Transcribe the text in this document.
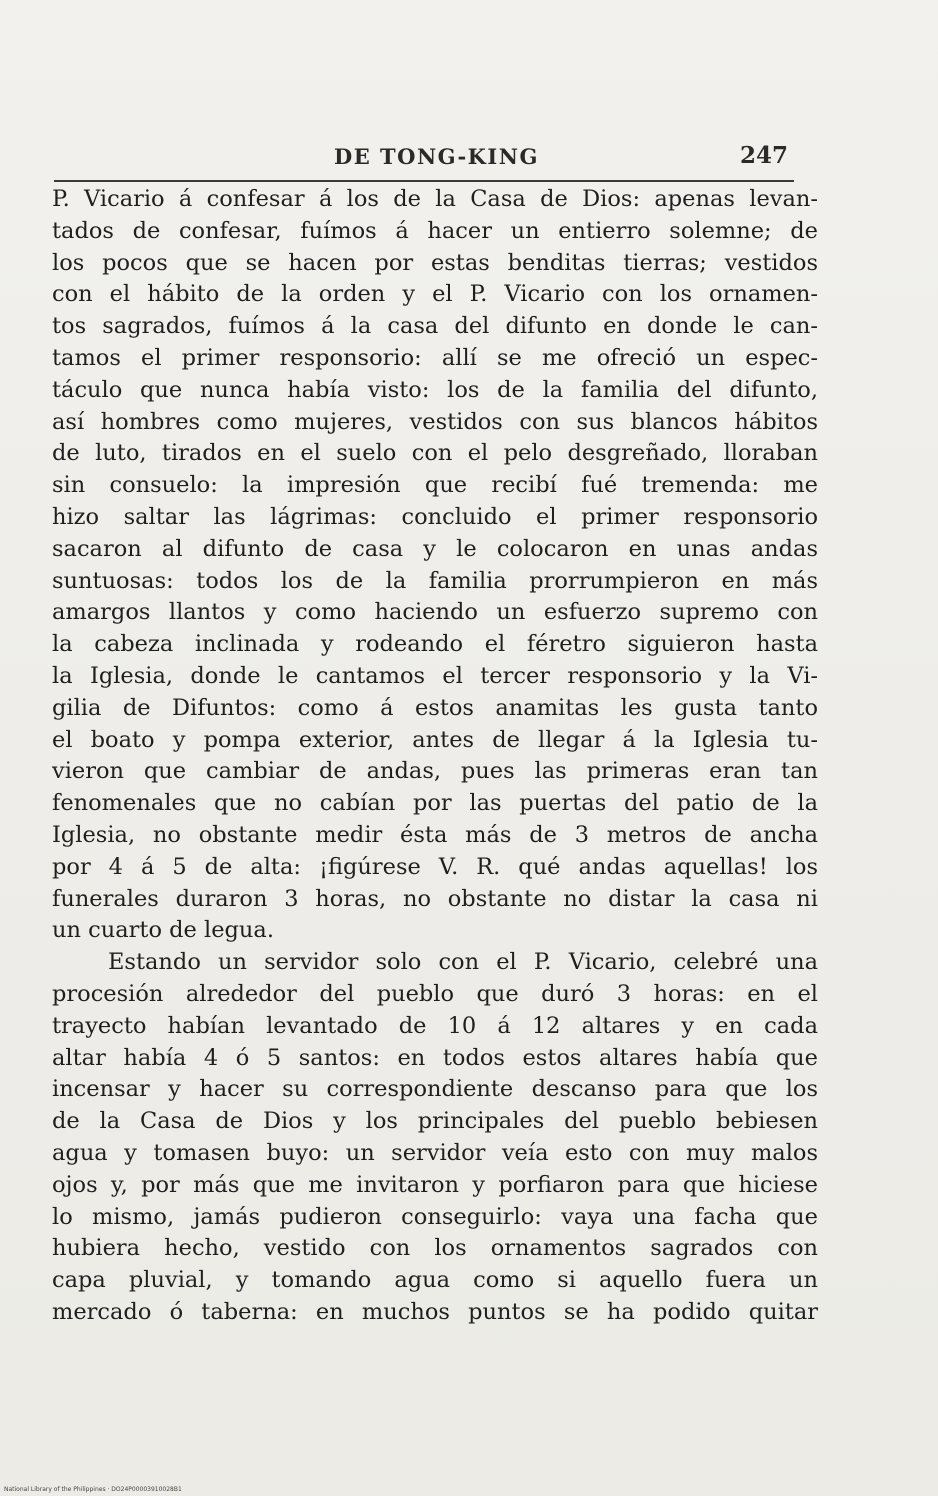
DE TONG-KING	247
P. Vicario á confesar á los de la Casa de Dios: apenas levan-
tados de confesar, fuímos á hacer un entierro solemne; de
los pocos que se hacen por estas benditas tierras; vestidos
con el hábito de la orden y el P. Vicario con los ornamen-
tos sagrados, fuímos á la casa del difunto en donde le can-
tamos el primer responsorio: allí se me ofreció un espec-
táculo que nunca había visto: los de la familia del difunto,
así hombres como mujeres, vestidos con sus blancos hábitos
de luto, tirados en el suelo con el pelo desgreñado, lloraban
sin consuelo: la impresión que recibí fué tremenda: me
hizo saltar las lágrimas: concluido el primer responsorio
sacaron al difunto de casa y le colocaron en unas andas
suntuosas: todos los de la familia prorrumpieron en más
amargos llantos y como haciendo un esfuerzo supremo con
la cabeza inclinada y rodeando el féretro siguieron hasta
la Iglesia, donde le cantamos el tercer responsorio y la Vi-
gilia de Difuntos: como á estos anamitas les gusta tanto
el boato y pompa exterior, antes de llegar á la Iglesia tu-
vieron que cambiar de andas, pues las primeras eran tan
fenomenales que no cabían por las puertas del patio de la
Iglesia, no obstante medir ésta más de 3 metros de ancha
por 4 á 5 de alta: ¡figúrese V. R. qué andas aquellas! los
funerales duraron 3 horas, no obstante no distar la casa ni
un cuarto de legua.
Estando un servidor solo con el P. Vicario, celebré una
procesión alrededor del pueblo que duró 3 horas: en el
trayecto habían levantado de 10 á 12 altares y en cada
altar había 4 ó 5 santos: en todos estos altares había que
incensar y hacer su correspondiente descanso para que los
de la Casa de Dios y los principales del pueblo bebiesen
agua y tomasen buyo: un servidor veía esto con muy malos
ojos y, por más que me invitaron y porfiaron para que hiciese
lo mismo, jamás pudieron conseguirlo: vaya una facha que
hubiera hecho, vestido con los ornamentos sagrados con
capa pluvial, y tomando agua como si aquello fuera un
mercado ó taberna: en muchos puntos se ha podido quitar
National Library of the Philippines · DO24P00003910028B1
